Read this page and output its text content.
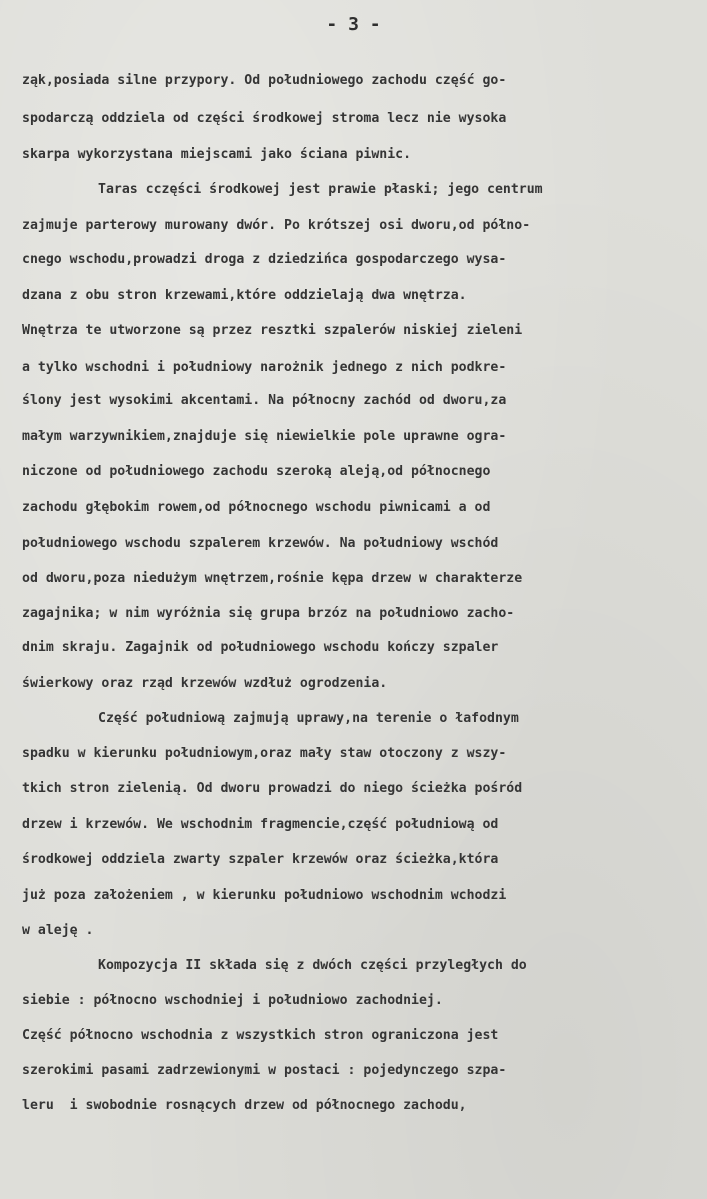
- 3 -
ząk,posiada silne przypory. Od południowego zachodu część go-
spodarczą oddziela od części środkowej stroma lecz nie wysoka
skarpa wykorzystana miejscami jako ściana piwnic.
Taras cczęści środkowej jest prawie płaski; jego centrum
zajmuje parterowy murowany dwór. Po krótszej osi dworu,od półno-
cnego wschodu,prowadzi droga z dziedzińca gospodarczego wysa-
dzana z obu stron krzewami,które oddzielają dwa wnętrza.
Wnętrza te utworzone są przez resztki szpalerów niskiej zieleni
a tylko wschodni i południowy narożnik jednego z nich podkre-
ślony jest wysokimi akcentami. Na północny zachód od dworu,za
małym warzywnikiem,znajduje się niewielkie pole uprawne ogra-
niczone od południowego zachodu szeroką aleją,od północnego
zachodu głębokim rowem,od północnego wschodu piwnicami a od
południowego wschodu szpalerem krzewów. Na południowy wschód
od dworu,poza niedużym wnętrzem,rośnie kępa drzew w charakterze
zagajnika; w nim wyróżnia się grupa brzóz na południowo zacho-
dnim skraju. Zagajnik od południowego wschodu kończy szpaler
świerkowy oraz rząd krzewów wzdłuż ogrodzenia.
Część południową zajmują uprawy,na terenie o łafodnym
spadku w kierunku południowym,oraz mały staw otoczony z wszy-
tkich stron zielenią. Od dworu prowadzi do niego ścieżka pośród
drzew i krzewów. We wschodnim fragmencie,część południową od
środkowej oddziela zwarty szpaler krzewów oraz ścieżka,która
już poza założeniem , w kierunku południowo wschodnim wchodzi
w aleję .
Kompozycja II składa się z dwóch części przyległych do
siebie : północno wschodniej i południowo zachodniej.
Część północno wschodnia z wszystkich stron ograniczona jest
szerokimi pasami zadrzewionymi w postaci : pojedynczego szpa-
leru  i swobodnie rosnących drzew od północnego zachodu,
